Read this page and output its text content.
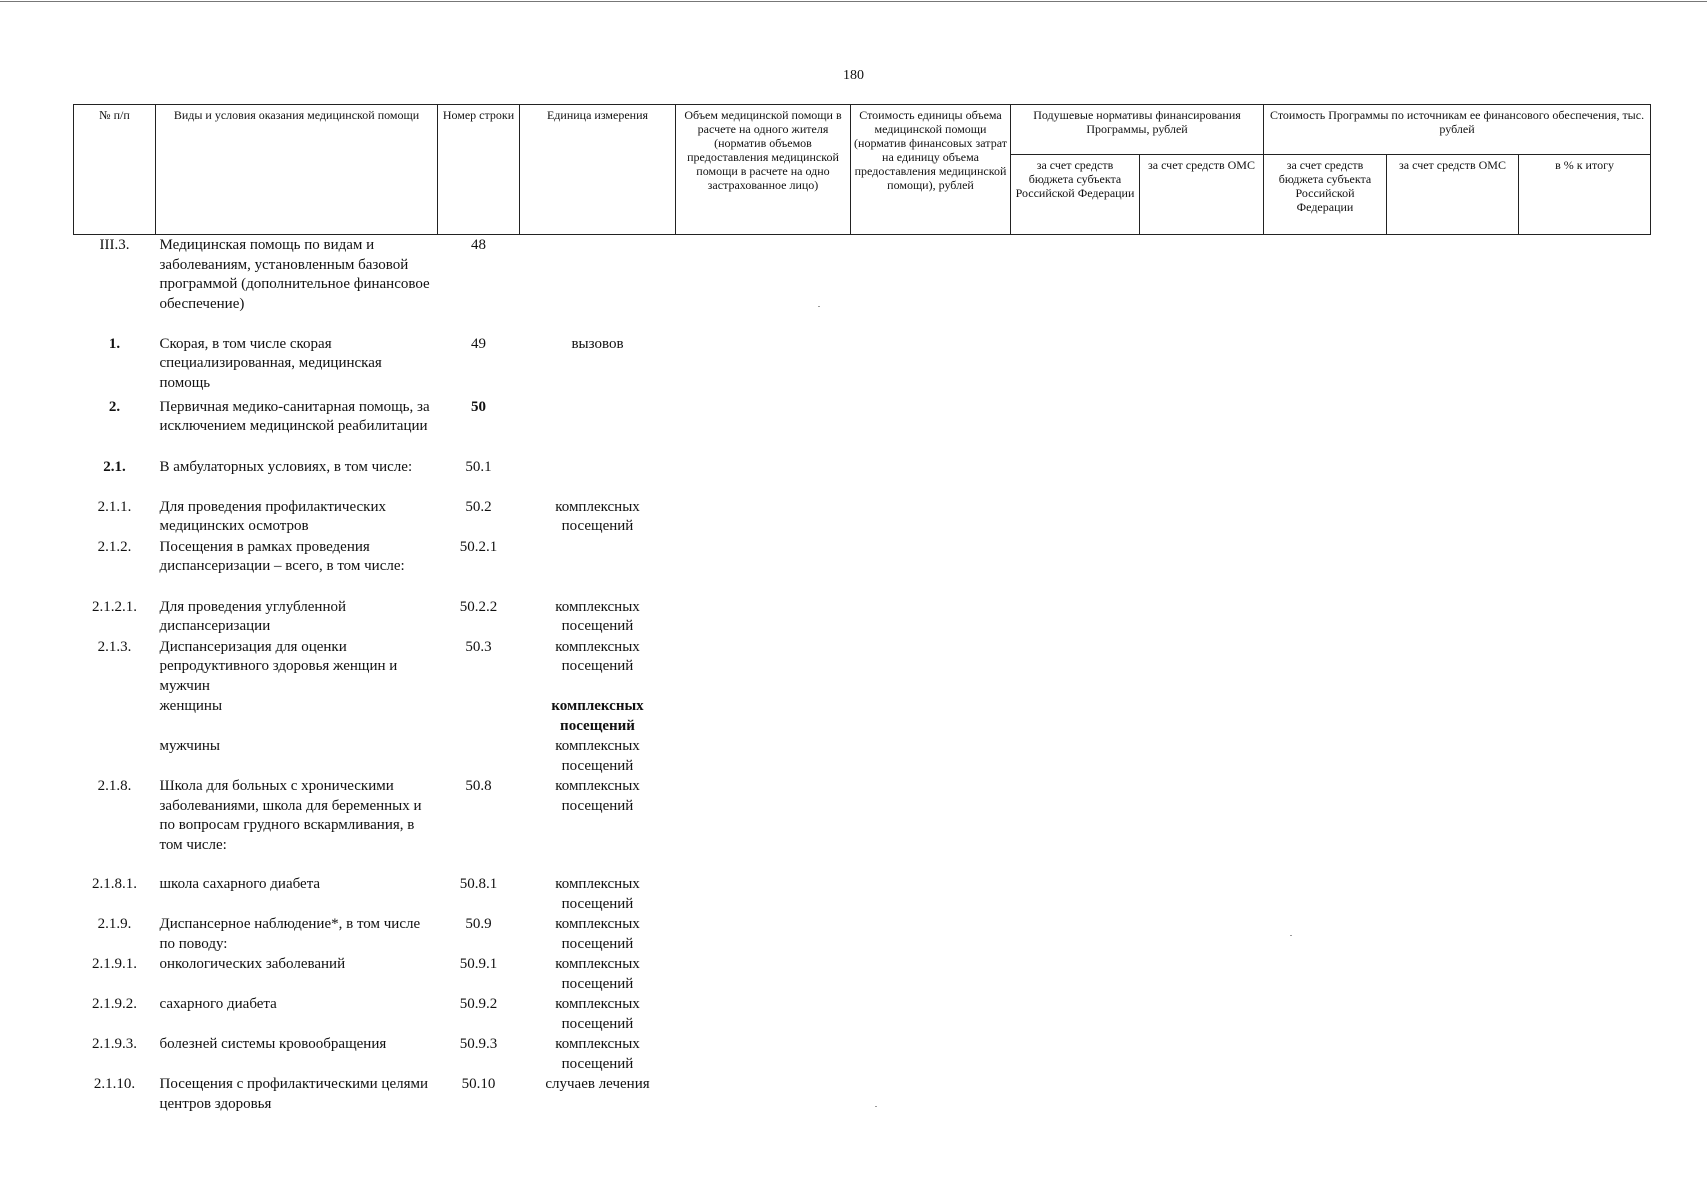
180
№ п/п	Виды и условия оказания медицинской помощи	Номер строки	Единица измерения	Объем медицинской помощи в расчете на одного жителя (норматив объемов предоставления медицинской помощи в расчете на одно застрахованное лицо)	Стоимость единицы объема медицинской помощи (норматив финансовых затрат на единицу объема предоставления медицинской помощи), рублей	Подушевые нормативы финансирования Программы, рублей		Стоимость Программы по источникам ее финансового обеспечения, тыс. рублей		
						за счет средств бюджета субъекта Российской Федерации	за счет средств ОМС	за счет средств бюджета субъекта Российской Федерации	за счет средств ОМС	в % к итогу
III.3.	Медицинская помощь по видам и заболеваниям, установленным базовой программой (дополнительное финансовое обеспечение)	48								
1.	Скорая, в том числе скорая специализированная, медицинская помощь	49	вызовов							
2.	Первичная медико-санитарная помощь, за исключением медицинской реабилитации	50								
2.1.	В амбулаторных условиях, в том числе:	50.1								
2.1.1.	Для проведения профилактических медицинских осмотров	50.2	комплексных посещений							
2.1.2.	Посещения в рамках проведения диспансеризации – всего, в том числе:	50.2.1								
2.1.2.1.	Для проведения углубленной диспансеризации	50.2.2	комплексных посещений							
2.1.3.	Диспансеризация для оценки репродуктивного здоровья женщин и мужчин	50.3	комплексных посещений							
	женщины		комплексных посещений							
	мужчины		комплексных посещений							
2.1.8.	Школа для больных с хроническими заболеваниями, школа для беременных и по вопросам грудного вскармливания, в том числе:	50.8	комплексных посещений							
2.1.8.1.	школа сахарного диабета	50.8.1	комплексных посещений							
2.1.9.	Диспансерное наблюдение*, в том числе по поводу:	50.9	комплексных посещений							
2.1.9.1.	онкологических заболеваний	50.9.1	комплексных посещений							
2.1.9.2.	сахарного диабета	50.9.2	комплексных посещений							
2.1.9.3.	болезней системы кровообращения	50.9.3	комплексных посещений							
2.1.10.	Посещения с профилактическими целями центров здоровья	50.10	случаев лечения							
